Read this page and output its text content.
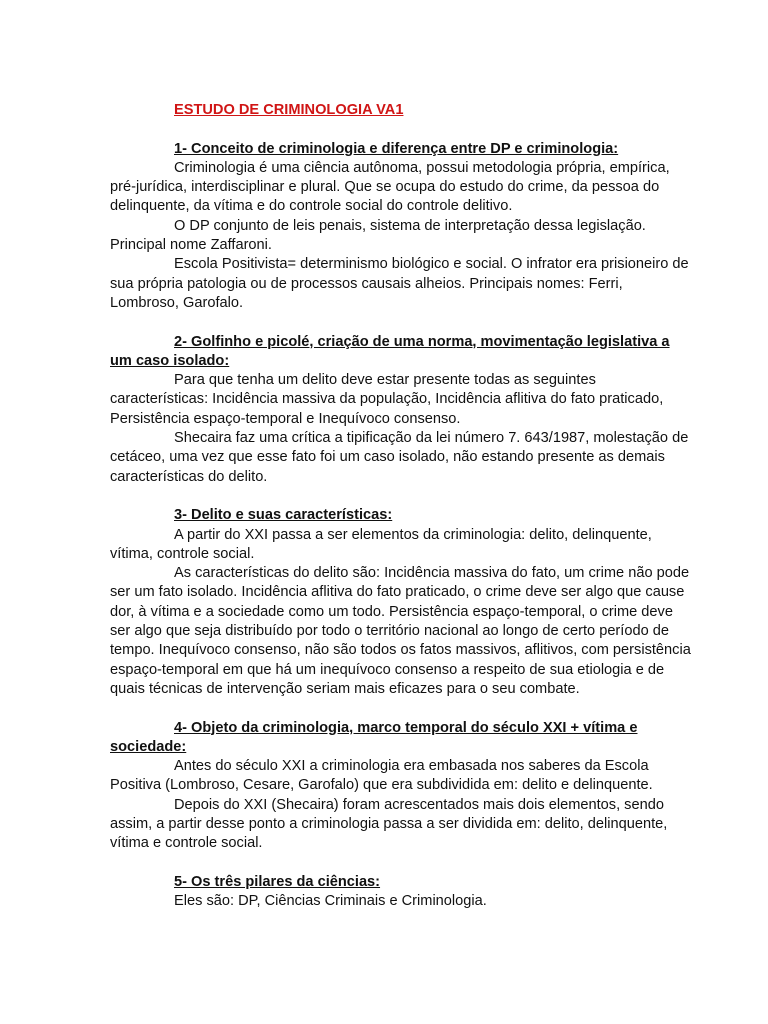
ESTUDO DE CRIMINOLOGIA VA1

1- Conceito de criminologia e diferença entre DP e criminologia:

Criminologia é uma ciência autônoma, possui metodologia própria, empírica, pré-jurídica, interdisciplinar e plural. Que se ocupa do estudo do crime, da pessoa do delinquente, da vítima e do controle social do controle delitivo.

O DP conjunto de leis penais, sistema de interpretação dessa legislação. Principal nome Zaffaroni.

Escola Positivista= determinismo biológico e social. O infrator era prisioneiro de sua própria patologia ou de processos causais alheios. Principais nomes: Ferri, Lombroso, Garofalo.

2- Golfinho e picolé, criação de uma norma, movimentação legislativa a um caso isolado:

Para que tenha um delito deve estar presente todas as seguintes características: Incidência massiva da população, Incidência aflitiva do fato praticado, Persistência espaço-temporal e Inequívoco consenso.

Shecaira faz uma crítica a tipificação da lei número 7. 643/1987, molestação de cetáceo, uma vez que esse fato foi um caso isolado, não estando presente as demais características do delito.

3- Delito e suas características:

A partir do XXI passa a ser elementos da criminologia: delito, delinquente, vítima, controle social.

As características do delito são: Incidência massiva do fato, um crime não pode ser um fato isolado. Incidência aflitiva do fato praticado, o crime deve ser algo que cause dor, à vítima e a sociedade como um todo. Persistência espaço-temporal, o crime deve ser algo que seja distribuído por todo o território nacional ao longo de certo período de tempo. Inequívoco consenso, não são todos os fatos massivos, aflitivos, com persistência espaço-temporal em que há um inequívoco consenso a respeito de sua etiologia e de quais técnicas de intervenção seriam mais eficazes para o seu combate.

4- Objeto da criminologia, marco temporal do século XXI + vítima e sociedade:

Antes do século XXI a criminologia era embasada nos saberes da Escola Positiva (Lombroso, Cesare, Garofalo) que era subdividida em: delito e delinquente.

Depois do XXI (Shecaira) foram acrescentados mais dois elementos, sendo assim, a partir desse ponto a criminologia passa a ser dividida em: delito, delinquente, vítima e controle social.

5- Os três pilares da ciências:

Eles são: DP, Ciências Criminais e Criminologia.
